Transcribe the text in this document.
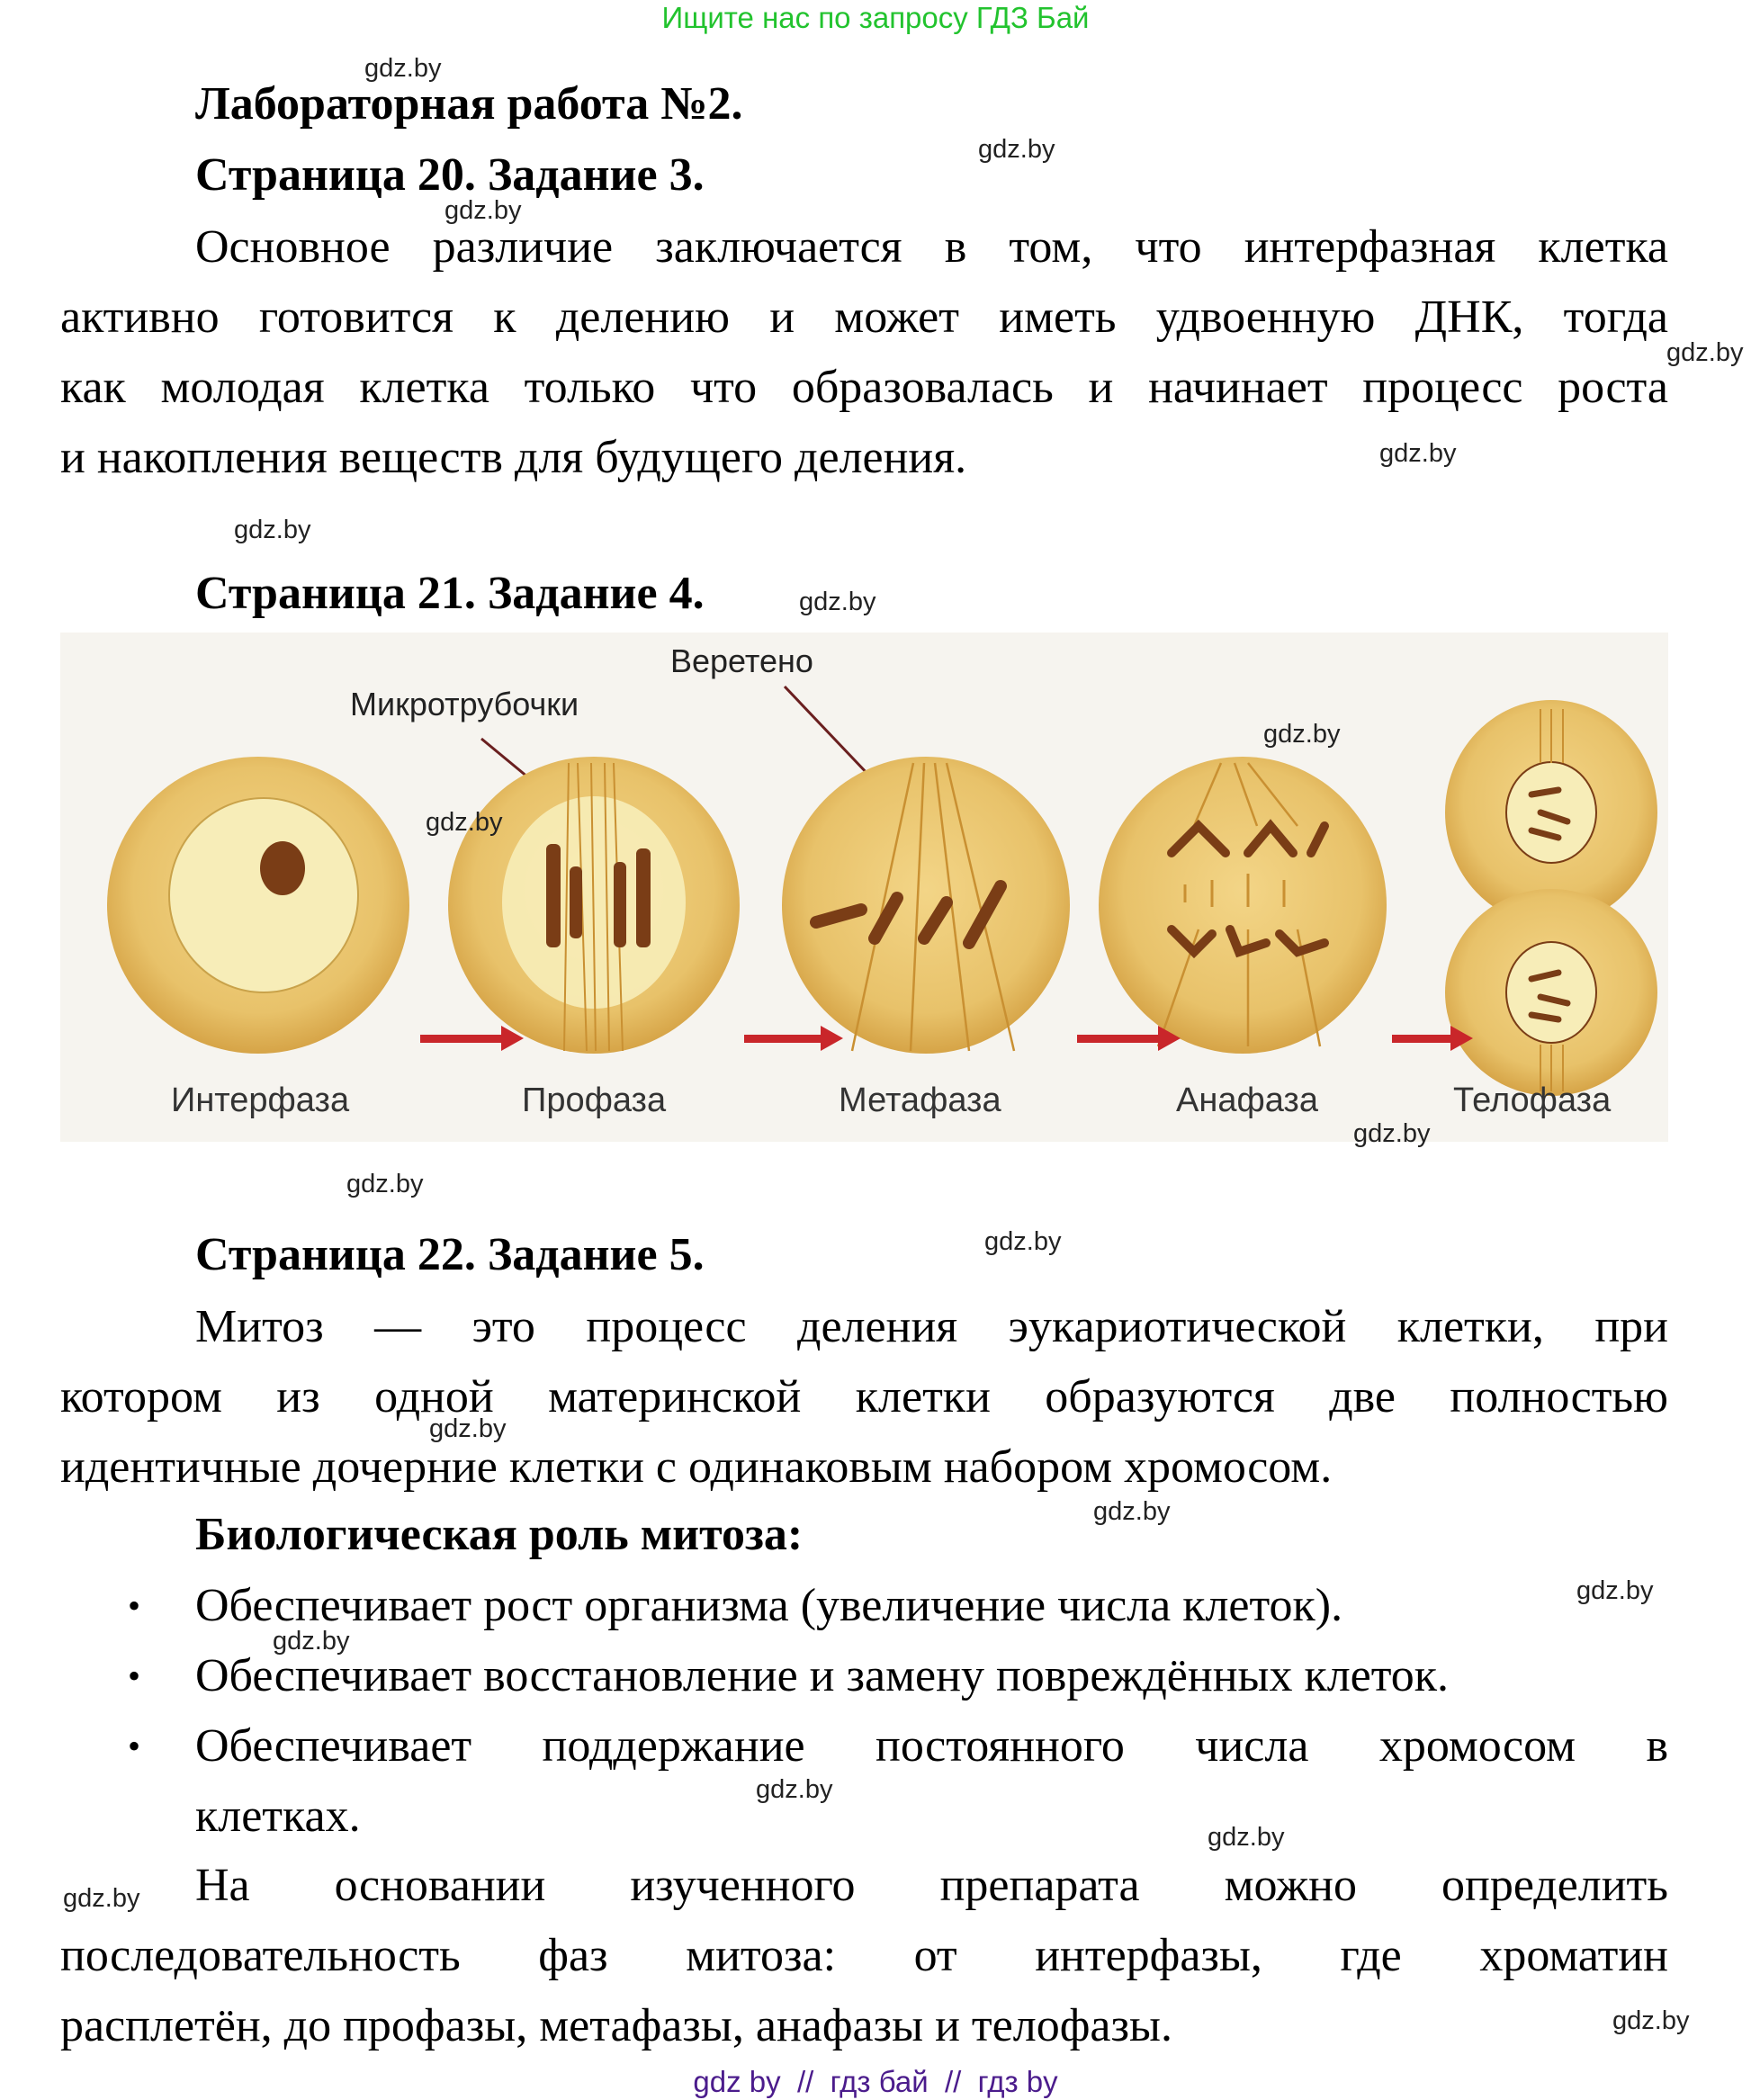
Ищите нас по запросу ГДЗ Бай
gdz.by
gdz.by
gdz.by
gdz.by
gdz.by
gdz.by
gdz.by
gdz.by
gdz.by
gdz.by
gdz.by
gdz.by
gdz.by
gdz.by
gdz.by
gdz.by
gdz.by
Лабораторная работа №2.
Страница 20. Задание 3.
Основное различие заключается в том, что интерфазная клетка
активно готовится к делению и может иметь удвоенную ДНК, тогда
как молодая клетка только что образовалась и начинает процесс роста
и накопления веществ для будущего деления.
Страница 21. Задание 4.
Микротрубочки
Веретено
Интерфаза	Профаза	Метафаза	Анафаза	Телофаза
gdz.by
gdz.by
gdz.by
Страница 22. Задание 5.
Митоз — это процесс деления эукариотической клетки, при
котором из одной материнской клетки образуются две полностью
идентичные дочерние клетки с одинаковым набором хромосом.
Биологическая роль митоза:
• Обеспечивает рост организма (увеличение числа клеток).
• Обеспечивает восстановление и замену повреждённых клеток.
• Обеспечивает поддержание постоянного числа хромосом в
клетках.
На основании изученного препарата можно определить
последовательность фаз митоза: от интерфазы, где хроматин
расплетён, до профазы, метафазы, анафазы и телофазы.
gdz by  //  гдз бай  //  гдз by
